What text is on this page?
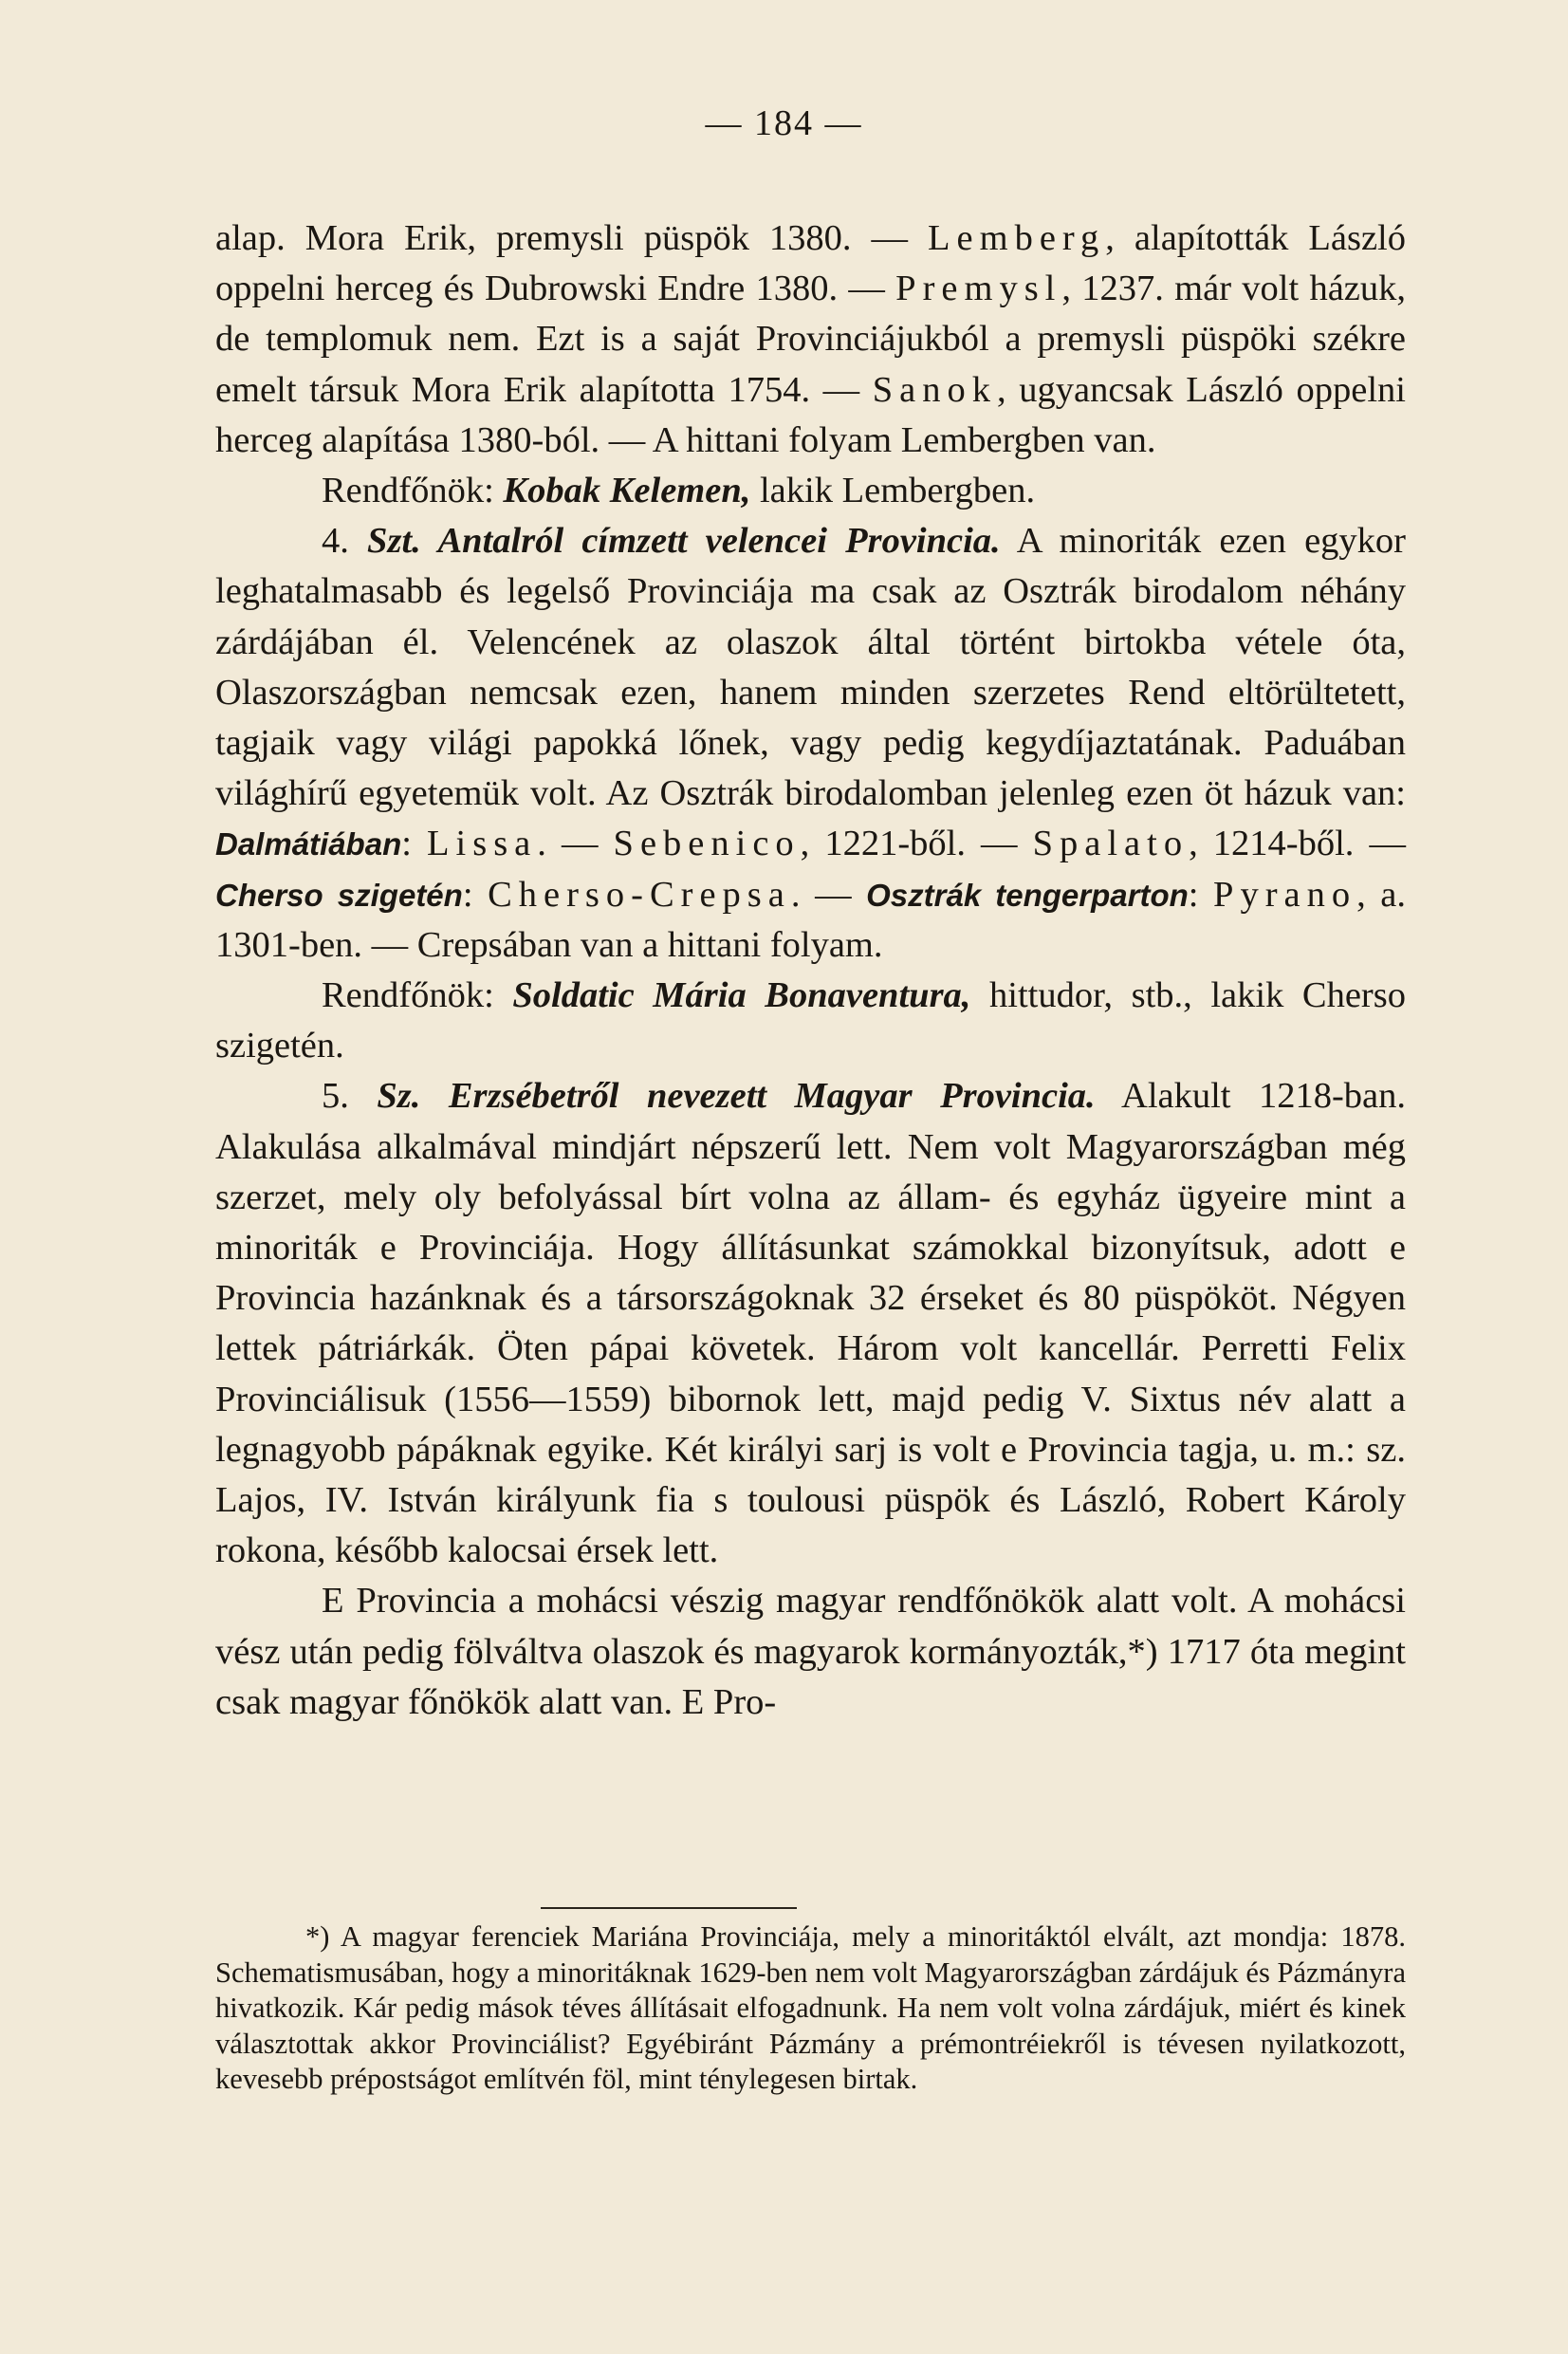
— 184 —

alap. Mora Erik, premysli püspök 1380. — Lemberg, alapították László oppelni herceg és Dubrowski Endre 1380. — Premysl, 1237. már volt házuk, de templomuk nem. Ezt is a saját Provinciájukból a premysli püspöki székre emelt társuk Mora Erik alapította 1754. — Sanok, ugyancsak László oppelni herceg alapítása 1380-ból. — A hittani folyam Lembergben van.

Rendfőnök: Kobak Kelemen, lakik Lembergben.

4. Szt. Antalról címzett velencei Provincia. A minoriták ezen egykor leghatalmasabb és legelső Provinciája ma csak az Osztrák birodalom néhány zárdájában él. Velencének az olaszok által történt birtokba vétele óta, Olaszországban nemcsak ezen, hanem minden szerzetes Rend eltörültetett, tagjaik vagy világi papokká lőnek, vagy pedig kegydíjaztatának. Paduában világhírű egyetemük volt. Az Osztrák birodalomban jelenleg ezen öt házuk van: Dalmátiában: Lissa. — Sebenico, 1221-ből. — Spalato, 1214-ből. — Cherso szigetén: Cherso-Crepsa. — Osztrák tengerparton: Pyrano, a. 1301-ben. — Crepsában van a hittani folyam.

Rendfőnök: Soldatic Mária Bonaventura, hittudor, stb., lakik Cherso szigetén.

5. Sz. Erzsébetről nevezett Magyar Provincia. Alakult 1218-ban. Alakulása alkalmával mindjárt népszerű lett. Nem volt Magyarországban még szerzet, mely oly befolyással bírt volna az állam- és egyház ügyeire mint a minoriták e Provinciája. Hogy állításunkat számokkal bizonyítsuk, adott e Provincia hazánknak és a társországoknak 32 érseket és 80 püspököt. Négyen lettek pátriárkák. Öten pápai követek. Három volt kancellár. Perretti Felix Provinciálisuk (1556—1559) bibornok lett, majd pedig V. Sixtus név alatt a legnagyobb pápáknak egyike. Két királyi sarj is volt e Provincia tagja, u. m.: sz. Lajos, IV. István királyunk fia s toulousi püspök és László, Robert Károly rokona, később kalocsai érsek lett.

E Provincia a mohácsi vészig magyar rendfőnökök alatt volt. A mohácsi vész után pedig fölváltva olaszok és magyarok kormányozták,*) 1717 óta megint csak magyar főnökök alatt van. E Pro-

*) A magyar ferenciek Mariána Provinciája, mely a minoritáktól elvált, azt mondja: 1878. Schematismusában, hogy a minoritáknak 1629-ben nem volt Magyarországban zárdájuk és Pázmányra hivatkozik. Kár pedig mások téves állításait elfogadnunk. Ha nem volt volna zárdájuk, miért és kinek választottak akkor Provinciálist? Egyébiránt Pázmány a prémontréiekről is tévesen nyilatkozott, kevesebb prépostságot említvén föl, mint ténylegesen birtak.
